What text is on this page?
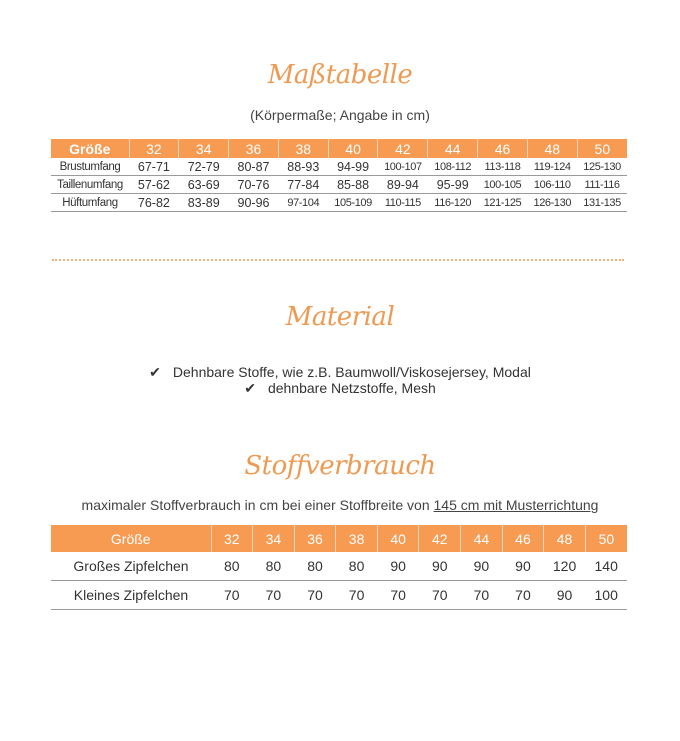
Maßtabelle
(Körpermaße; Angabe in cm)
Größe	32	34	36	38	40	42	44	46	48	50
Brustumfang	67-71	72-79	80-87	88-93	94-99	100-107	108-112	113-118	119-124	125-130
Taillenumfang	57-62	63-69	70-76	77-84	85-88	89-94	95-99	100-105	106-110	111-116
Hüftumfang	76-82	83-89	90-96	97-104	105-109	110-115	116-120	121-125	126-130	131-135
Material
✔ Dehnbare Stoffe, wie z.B. Baumwoll/Viskosejersey, Modal
✔ dehnbare Netzstoffe, Mesh
Stoffverbrauch
maximaler Stoffverbrauch in cm bei einer Stoffbreite von 145 cm mit Musterrichtung
Größe	32	34	36	38	40	42	44	46	48	50
Großes Zipfelchen	80	80	80	80	90	90	90	90	120	140
Kleines Zipfelchen	70	70	70	70	70	70	70	70	90	100
